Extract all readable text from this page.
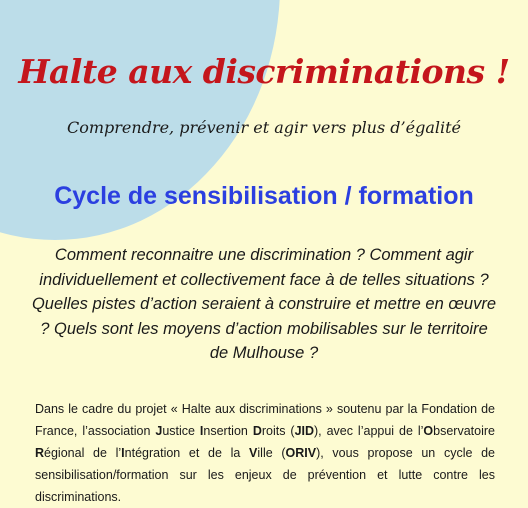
Halte aux discriminations !
Comprendre, prévenir et agir vers plus d’égalité
Cycle de sensibilisation / formation
Comment reconnaitre une discrimination ? Comment agir individuellement et collectivement face à de telles situations ? Quelles pistes d’action seraient à construire et mettre en œuvre ? Quels sont les moyens d’action mobilisables sur le territoire de Mulhouse ?
Dans le cadre du projet « Halte aux discriminations » soutenu par la Fondation de France, l’association Justice Insertion Droits (JID), avec l’appui de l’Observatoire Régional de l’Intégration et de la Ville (ORIV), vous propose un cycle de sensibilisation/formation sur les enjeux de prévention et lutte contre les discriminations.
